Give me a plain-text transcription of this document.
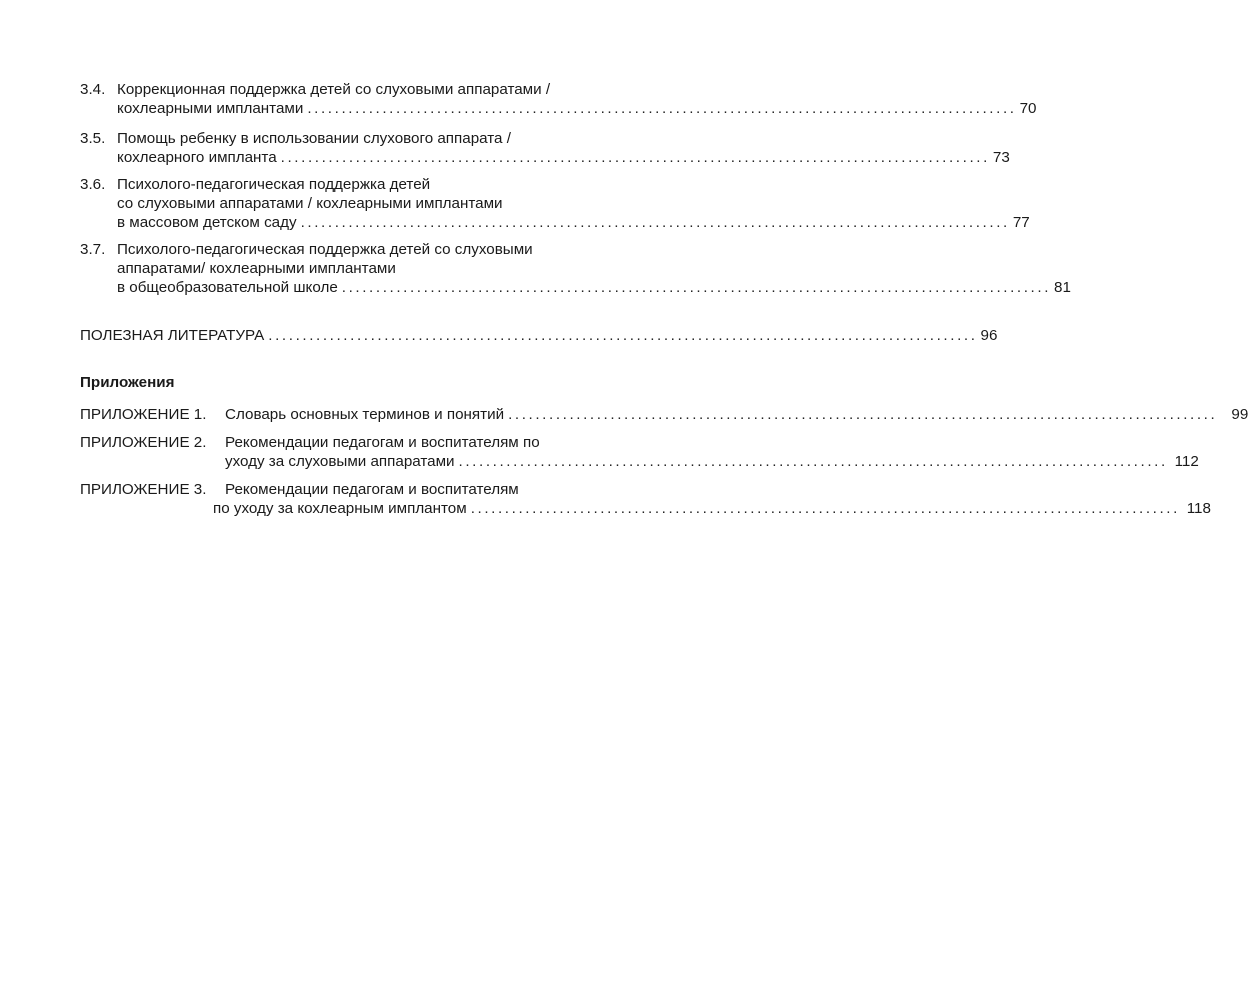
3.4. Коррекционная поддержка детей со слуховыми аппаратами /
кохлеарными имплантами ........................................................................................................ 70
3.5. Помощь ребенку в использовании слухового аппарата /
кохлеарного импланта ........................................................................................................ 73
3.6. Психолого-педагогическая поддержка детей
со слуховыми аппаратами / кохлеарными имплантами
в массовом детском саду ........................................................................................................ 77
3.7. Психолого-педагогическая поддержка детей со слуховыми
аппаратами/ кохлеарными имплантами
в общеобразовательной школе ........................................................................................................ 81
ПОЛЕЗНАЯ ЛИТЕРАТУРА ........................................................................................................ 96
Приложения
ПРИЛОЖЕНИЕ 1.	Словарь основных терминов и понятий ........................................................................................................ 99
ПРИЛОЖЕНИЕ 2.	Рекомендации педагогам и воспитателям по
уходу за слуховыми аппаратами ........................................................................................................ 112
ПРИЛОЖЕНИЕ 3.	Рекомендации педагогам и воспитателям
по уходу за кохлеарным имплантом ........................................................................................................ 118
